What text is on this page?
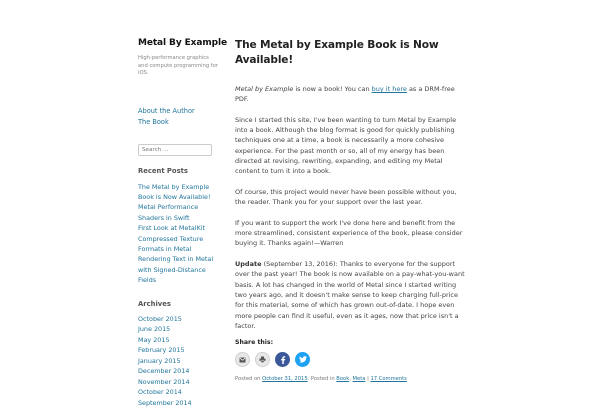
Metal By Example
High-performance graphics and compute programming for iOS.
About the Author
The Book
Search ...
Recent Posts
The Metal by Example Book is Now Available!
Metal Performance Shaders in Swift
First Look at MetalKit
Compressed Texture Formats in Metal
Rendering Text in Metal with Signed-Distance Fields
Archives
October 2015
June 2015
May 2015
February 2015
January 2015
December 2014
November 2014
October 2014
September 2014
The Metal by Example Book is Now Available!

Metal by Example is now a book! You can buy it here as a DRM-free PDF.

Since I started this site, I've been wanting to turn Metal by Example into a book. Although the blog format is good for quickly publishing techniques one at a time, a book is necessarily a more cohesive experience. For the past month or so, all of my energy has been directed at revising, rewriting, expanding, and editing my Metal content to turn it into a book.

Of course, this project would never have been possible without you, the reader. Thank you for your support over the last year.

If you want to support the work I've done here and benefit from the more streamlined, consistent experience of the book, please consider buying it. Thanks again!—Warren

Update (September 13, 2016): Thanks to everyone for the support over the past year! The book is now available on a pay-what-you-want basis. A lot has changed in the world of Metal since I started writing two years ago, and it doesn't make sense to keep charging full-price for this material, some of which has grown out-of-date. I hope even more people can find it useful, even as it ages, now that price isn't a factor.

Share this:
Posted on October 31, 2015. Posted in Book, Meta | 17 Comments
